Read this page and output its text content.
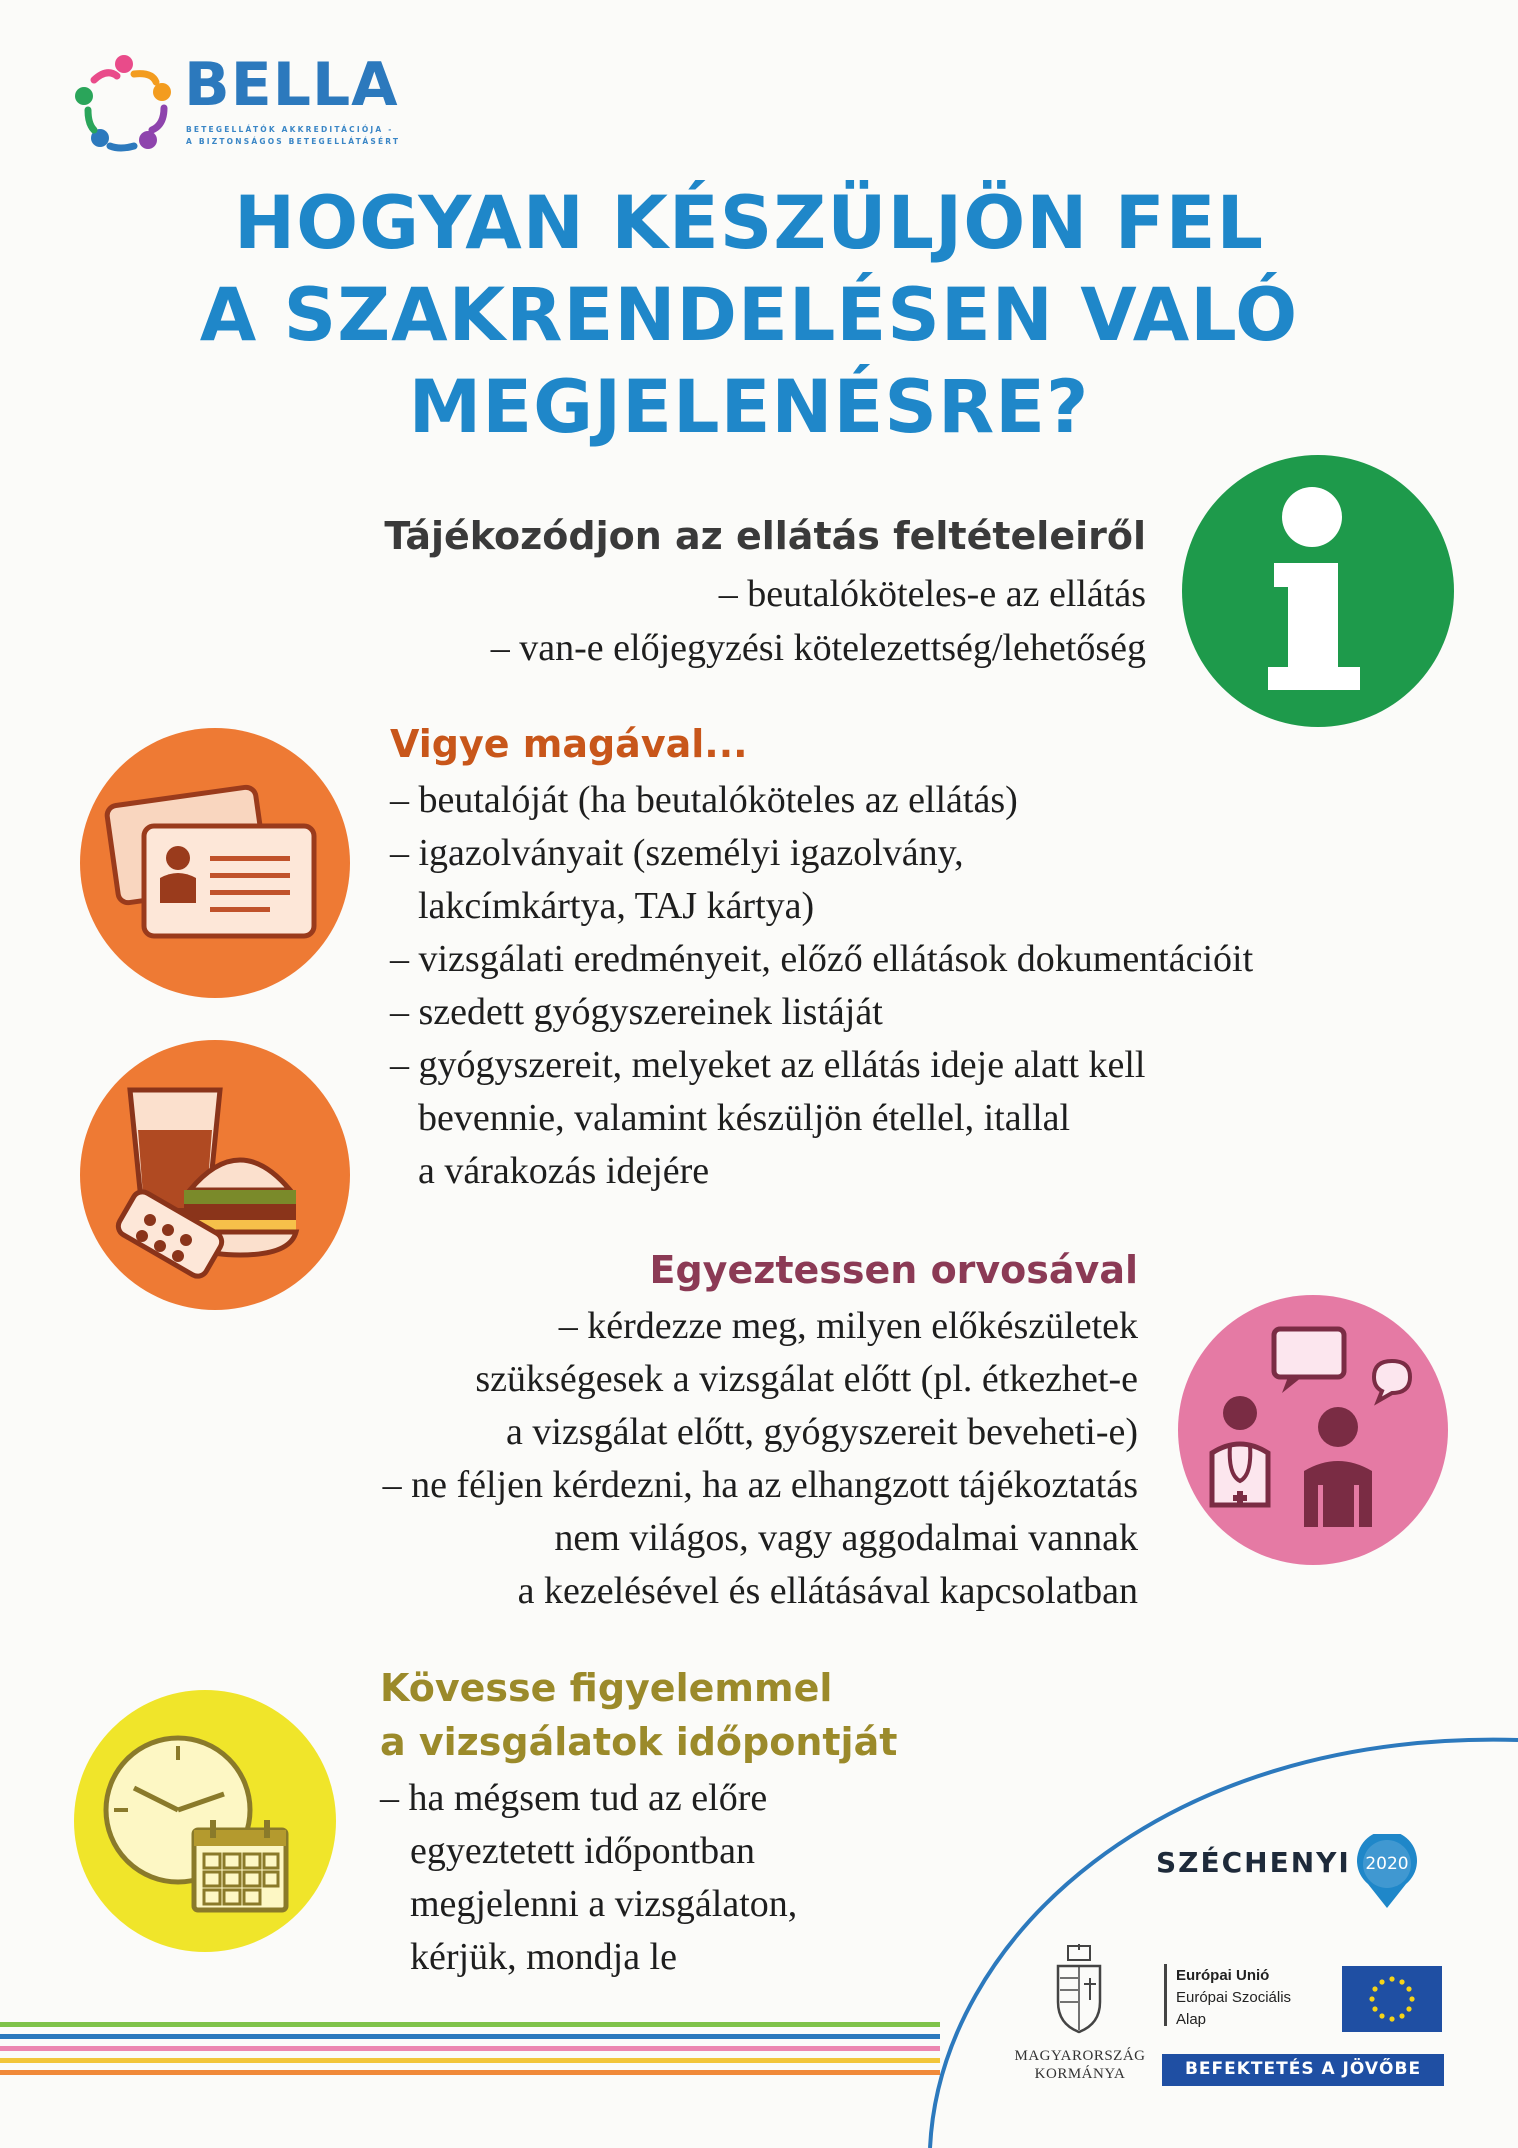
BELLA
BETEGELLÁTÓK AKKREDITÁCIÓJA -
A BIZTONSÁGOS BETEGELLÁTÁSÉRT
HOGYAN KÉSZÜLJÖN FEL
A SZAKRENDELÉSEN VALÓ
MEGJELENÉSRE?
Tájékozódjon az ellátás feltételeiről
– beutalóköteles-e az ellátás
– van-e előjegyzési kötelezettség/lehetőség
Vigye magával...
– beutalóját (ha beutalóköteles az ellátás)
– igazolványait (személyi igazolvány,
lakcímkártya, TAJ kártya)
– vizsgálati eredményeit, előző ellátások dokumentációit
– szedett gyógyszereinek listáját
– gyógyszereit, melyeket az ellátás ideje alatt kell
bevennie, valamint készüljön étellel, itallal
a várakozás idejére
Egyeztessen orvosával
– kérdezze meg, milyen előkészületek
szükségesek a vizsgálat előtt (pl. étkezhet-e
a vizsgálat előtt, gyógyszereit beveheti-e)
– ne féljen kérdezni, ha az elhangzott tájékoztatás
nem világos, vagy aggodalmai vannak
a kezelésével és ellátásával kapcsolatban
Kövesse figyelemmel
a vizsgálatok időpontját
– ha mégsem tud az előre
egyeztetett időpontban
megjelenni a vizsgálaton,
kérjük, mondja le
SZÉCHENYI 2020
MAGYARORSZÁG
KORMÁNYA
Európai Unió
Európai Szociális
Alap
BEFEKTETÉS A JÖVŐBE
